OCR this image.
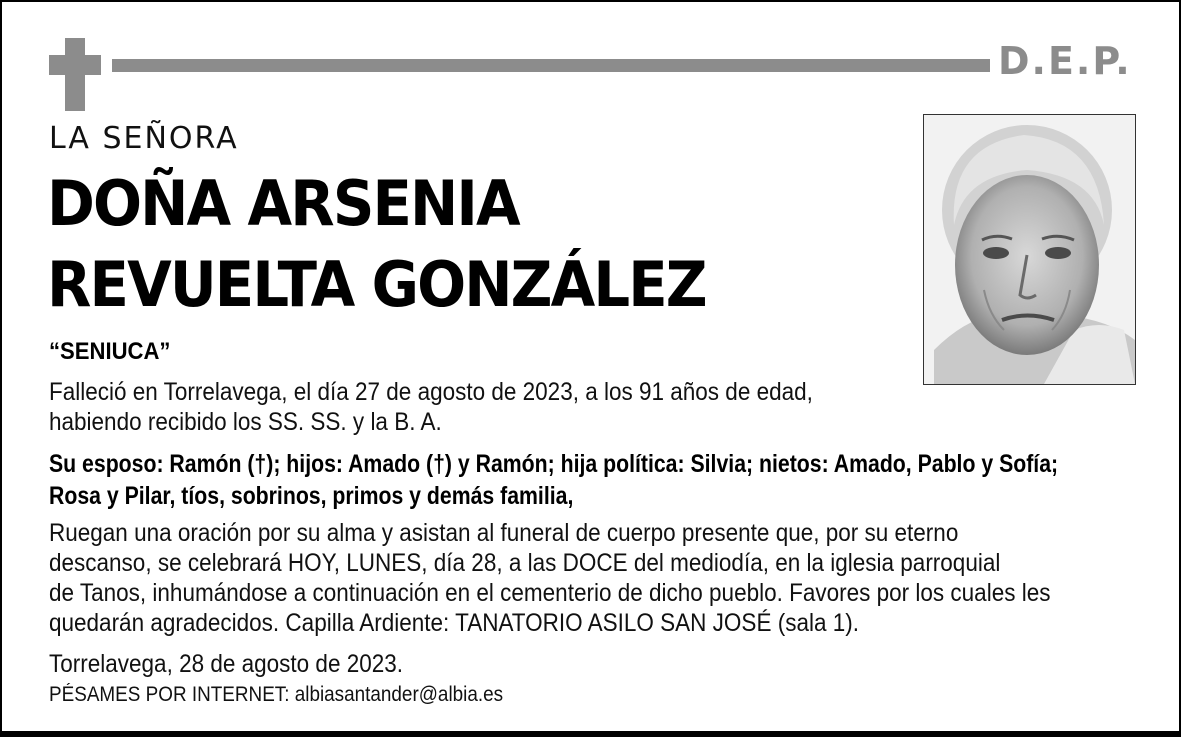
D.E.P.
LA SEÑORA
DOÑA ARSENIA
REVUELTA GONZÁLEZ
“SENIUCA”
Falleció en Torrelavega, el día 27 de agosto de 2023, a los 91 años de edad,
habiendo recibido los SS. SS. y la B. A.
Su esposo: Ramón (†); hijos: Amado (†) y Ramón; hija política: Silvia; nietos: Amado, Pablo y Sofía;
Rosa y Pilar, tíos, sobrinos, primos y demás familia,
Ruegan una oración por su alma y asistan al funeral de cuerpo presente que, por su eterno
descanso, se celebrará HOY, LUNES, día 28, a las DOCE del mediodía, en la iglesia parroquial
de Tanos, inhumándose a continuación en el cementerio de dicho pueblo. Favores por los cuales les
quedarán agradecidos. Capilla Ardiente: TANATORIO ASILO SAN JOSÉ (sala 1).
Torrelavega, 28 de agosto de 2023.
PÉSAMES POR INTERNET: albiasantander@albia.es
